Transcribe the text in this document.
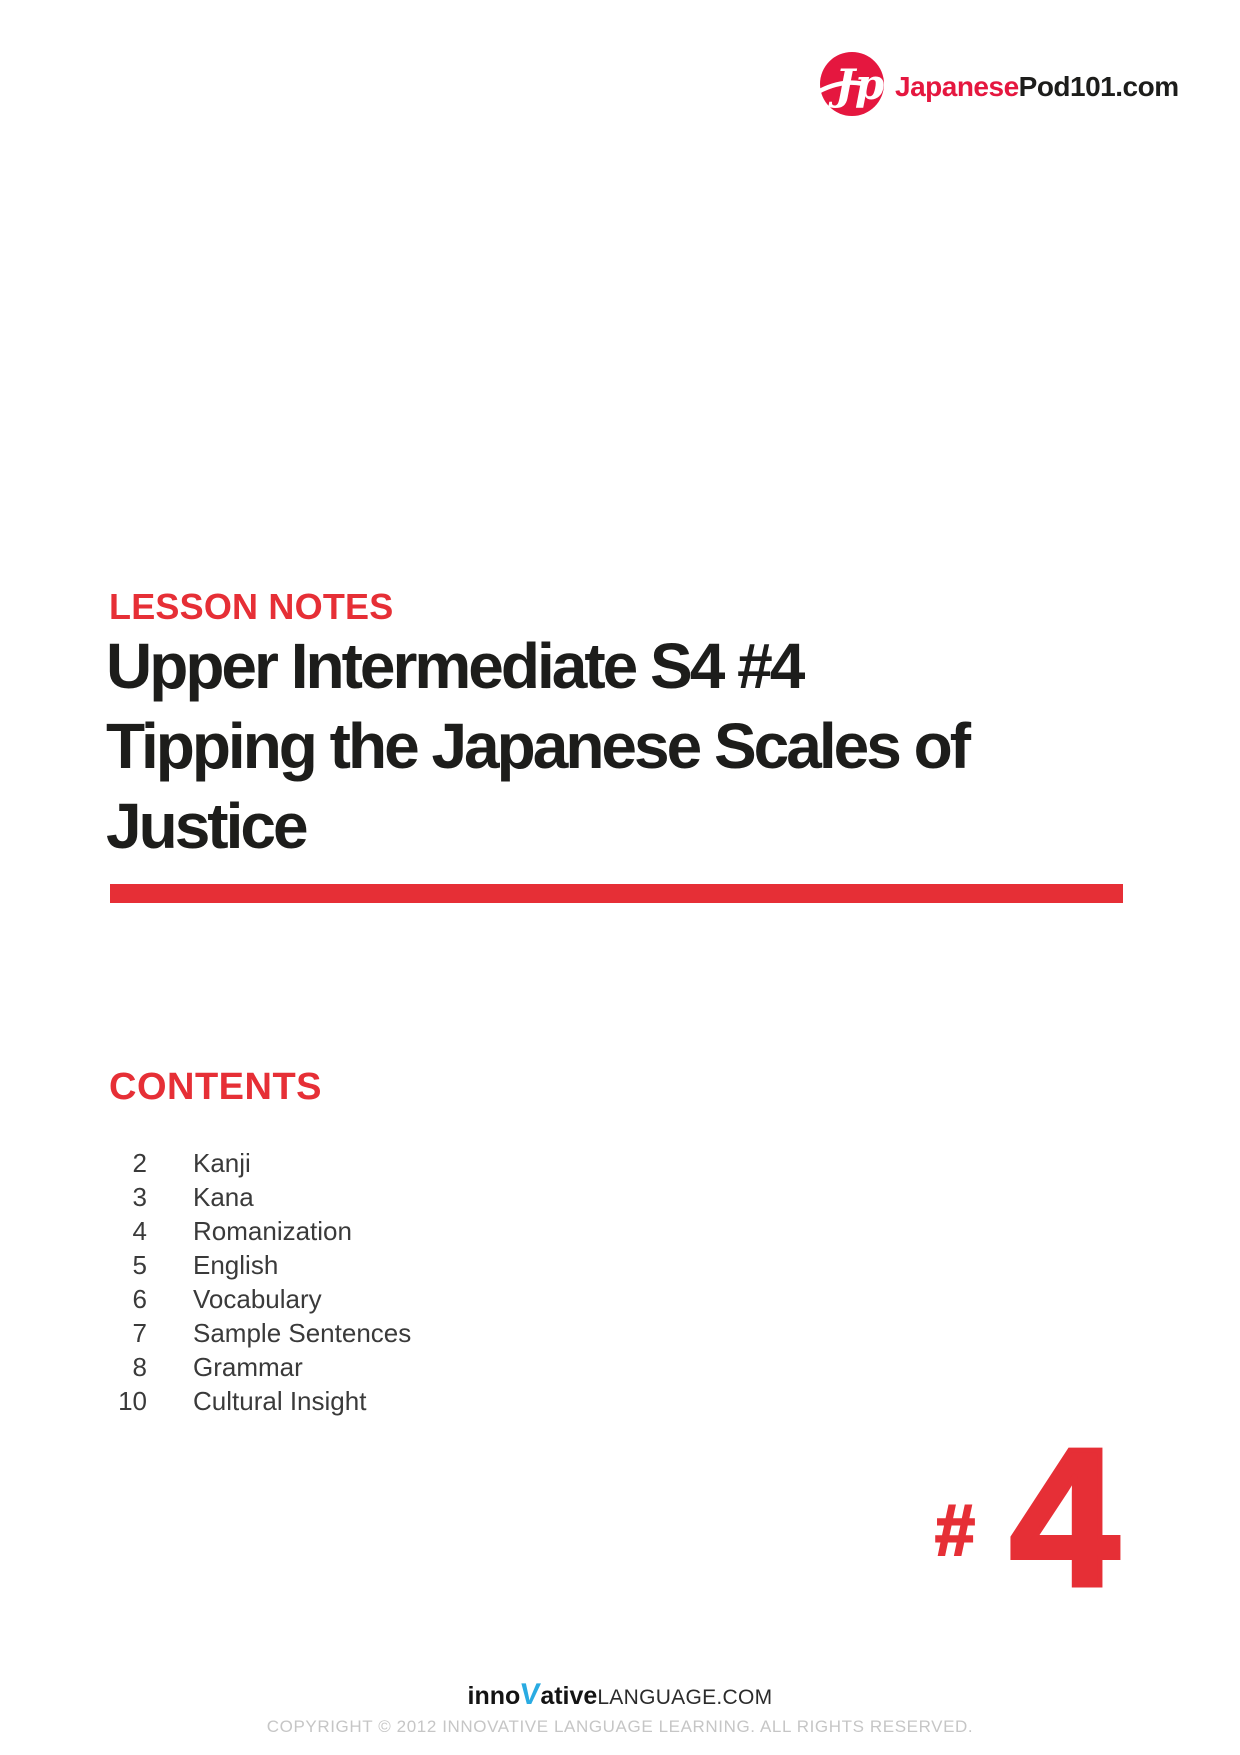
Jp JapanesePod101.com
LESSON NOTES
Upper Intermediate S4 #4
Tipping the Japanese Scales of
Justice
CONTENTS
2 Kanji
3 Kana
4 Romanization
5 English
6 Vocabulary
7 Sample Sentences
8 Grammar
10 Cultural Insight
# 4
innoVativeLANGUAGE.COM
COPYRIGHT © 2012 INNOVATIVE LANGUAGE LEARNING. ALL RIGHTS RESERVED.
